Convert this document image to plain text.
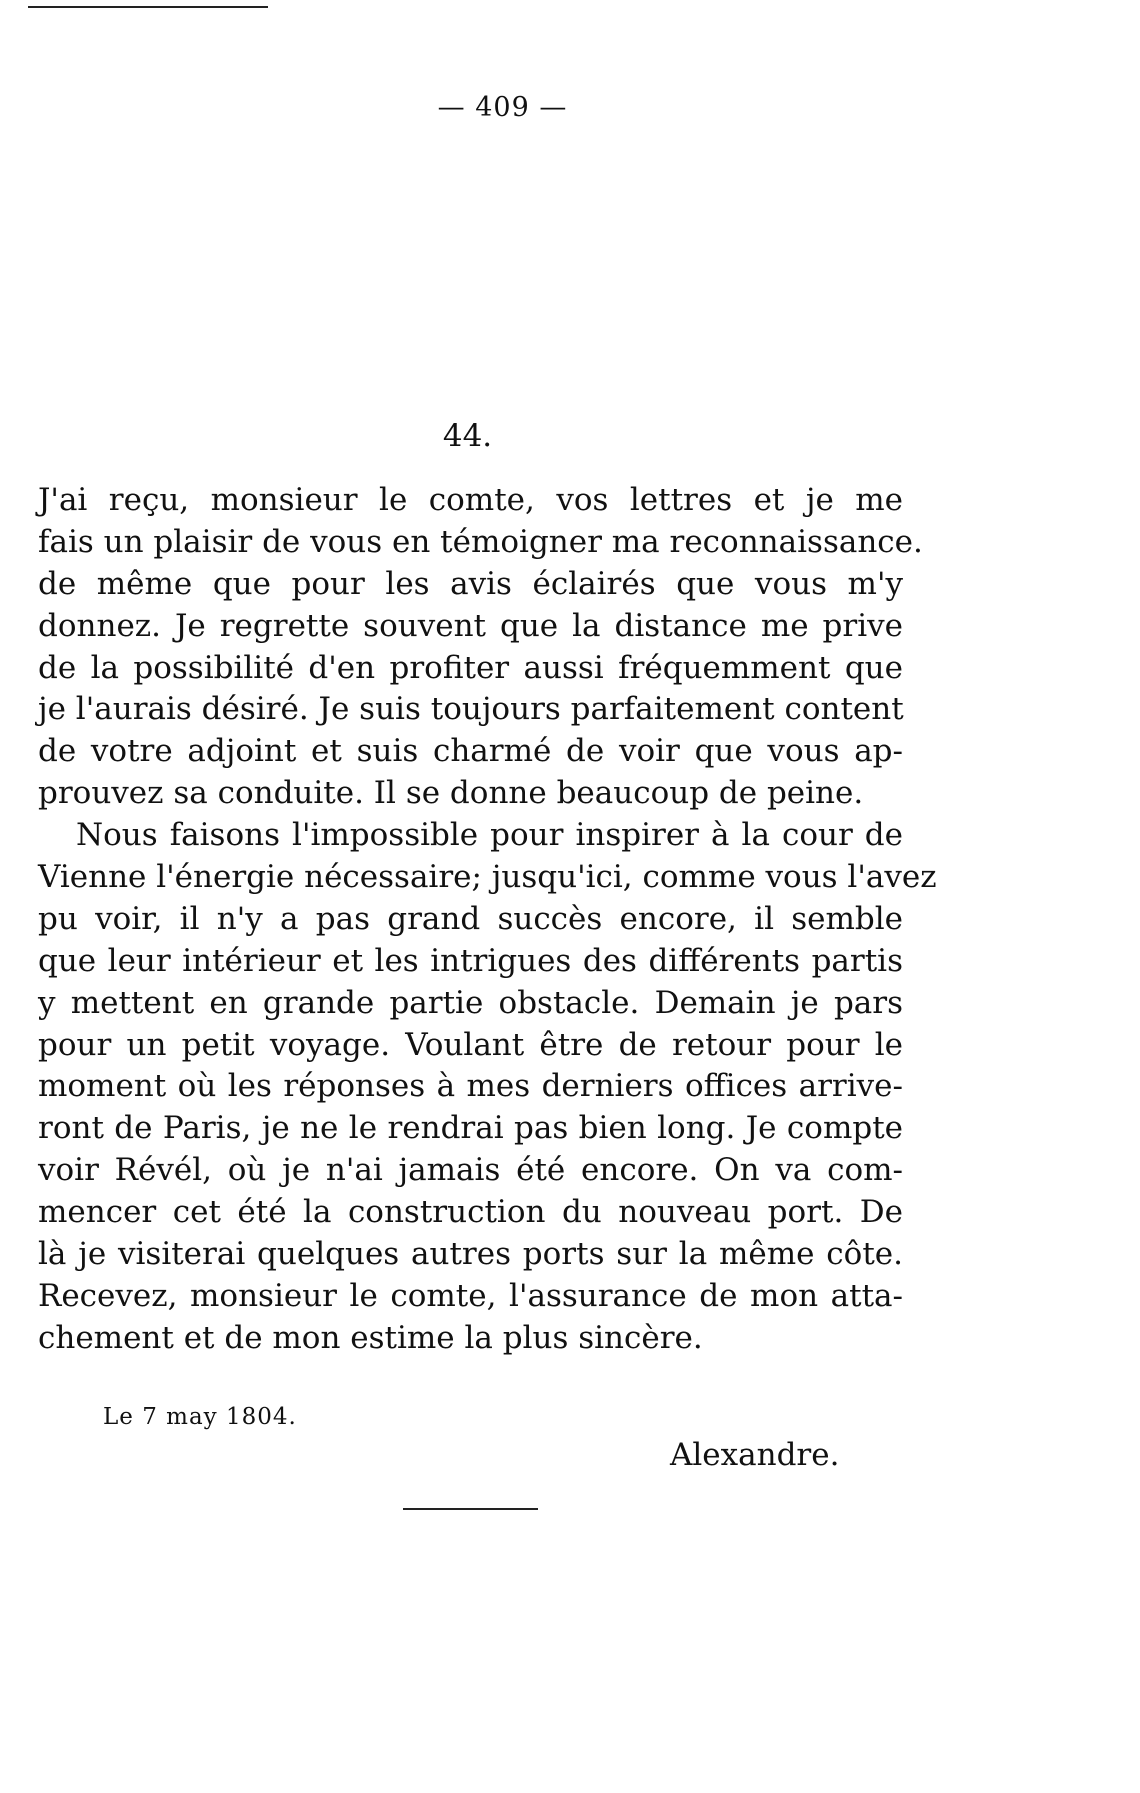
— 409 —
44.
J'ai reçu, monsieur le comte, vos lettres et je me
fais un plaisir de vous en témoigner ma reconnaissance.
de même que pour les avis éclairés que vous m'y
donnez. Je regrette souvent que la distance me prive
de la possibilité d'en profiter aussi fréquemment que
je l'aurais désiré. Je suis toujours parfaitement content
de votre adjoint et suis charmé de voir que vous ap-
prouvez sa conduite. Il se donne beaucoup de peine.
Nous faisons l'impossible pour inspirer à la cour de
Vienne l'énergie nécessaire; jusqu'ici, comme vous l'avez
pu voir, il n'y a pas grand succès encore, il semble
que leur intérieur et les intrigues des différents partis
y mettent en grande partie obstacle. Demain je pars
pour un petit voyage. Voulant être de retour pour le
moment où les réponses à mes derniers offices arrive-
ront de Paris, je ne le rendrai pas bien long. Je compte
voir Révél, où je n'ai jamais été encore. On va com-
mencer cet été la construction du nouveau port. De
là je visiterai quelques autres ports sur la même côte.
Recevez, monsieur le comte, l'assurance de mon atta-
chement et de mon estime la plus sincère.
Le 7 may 1804.
Alexandre.
